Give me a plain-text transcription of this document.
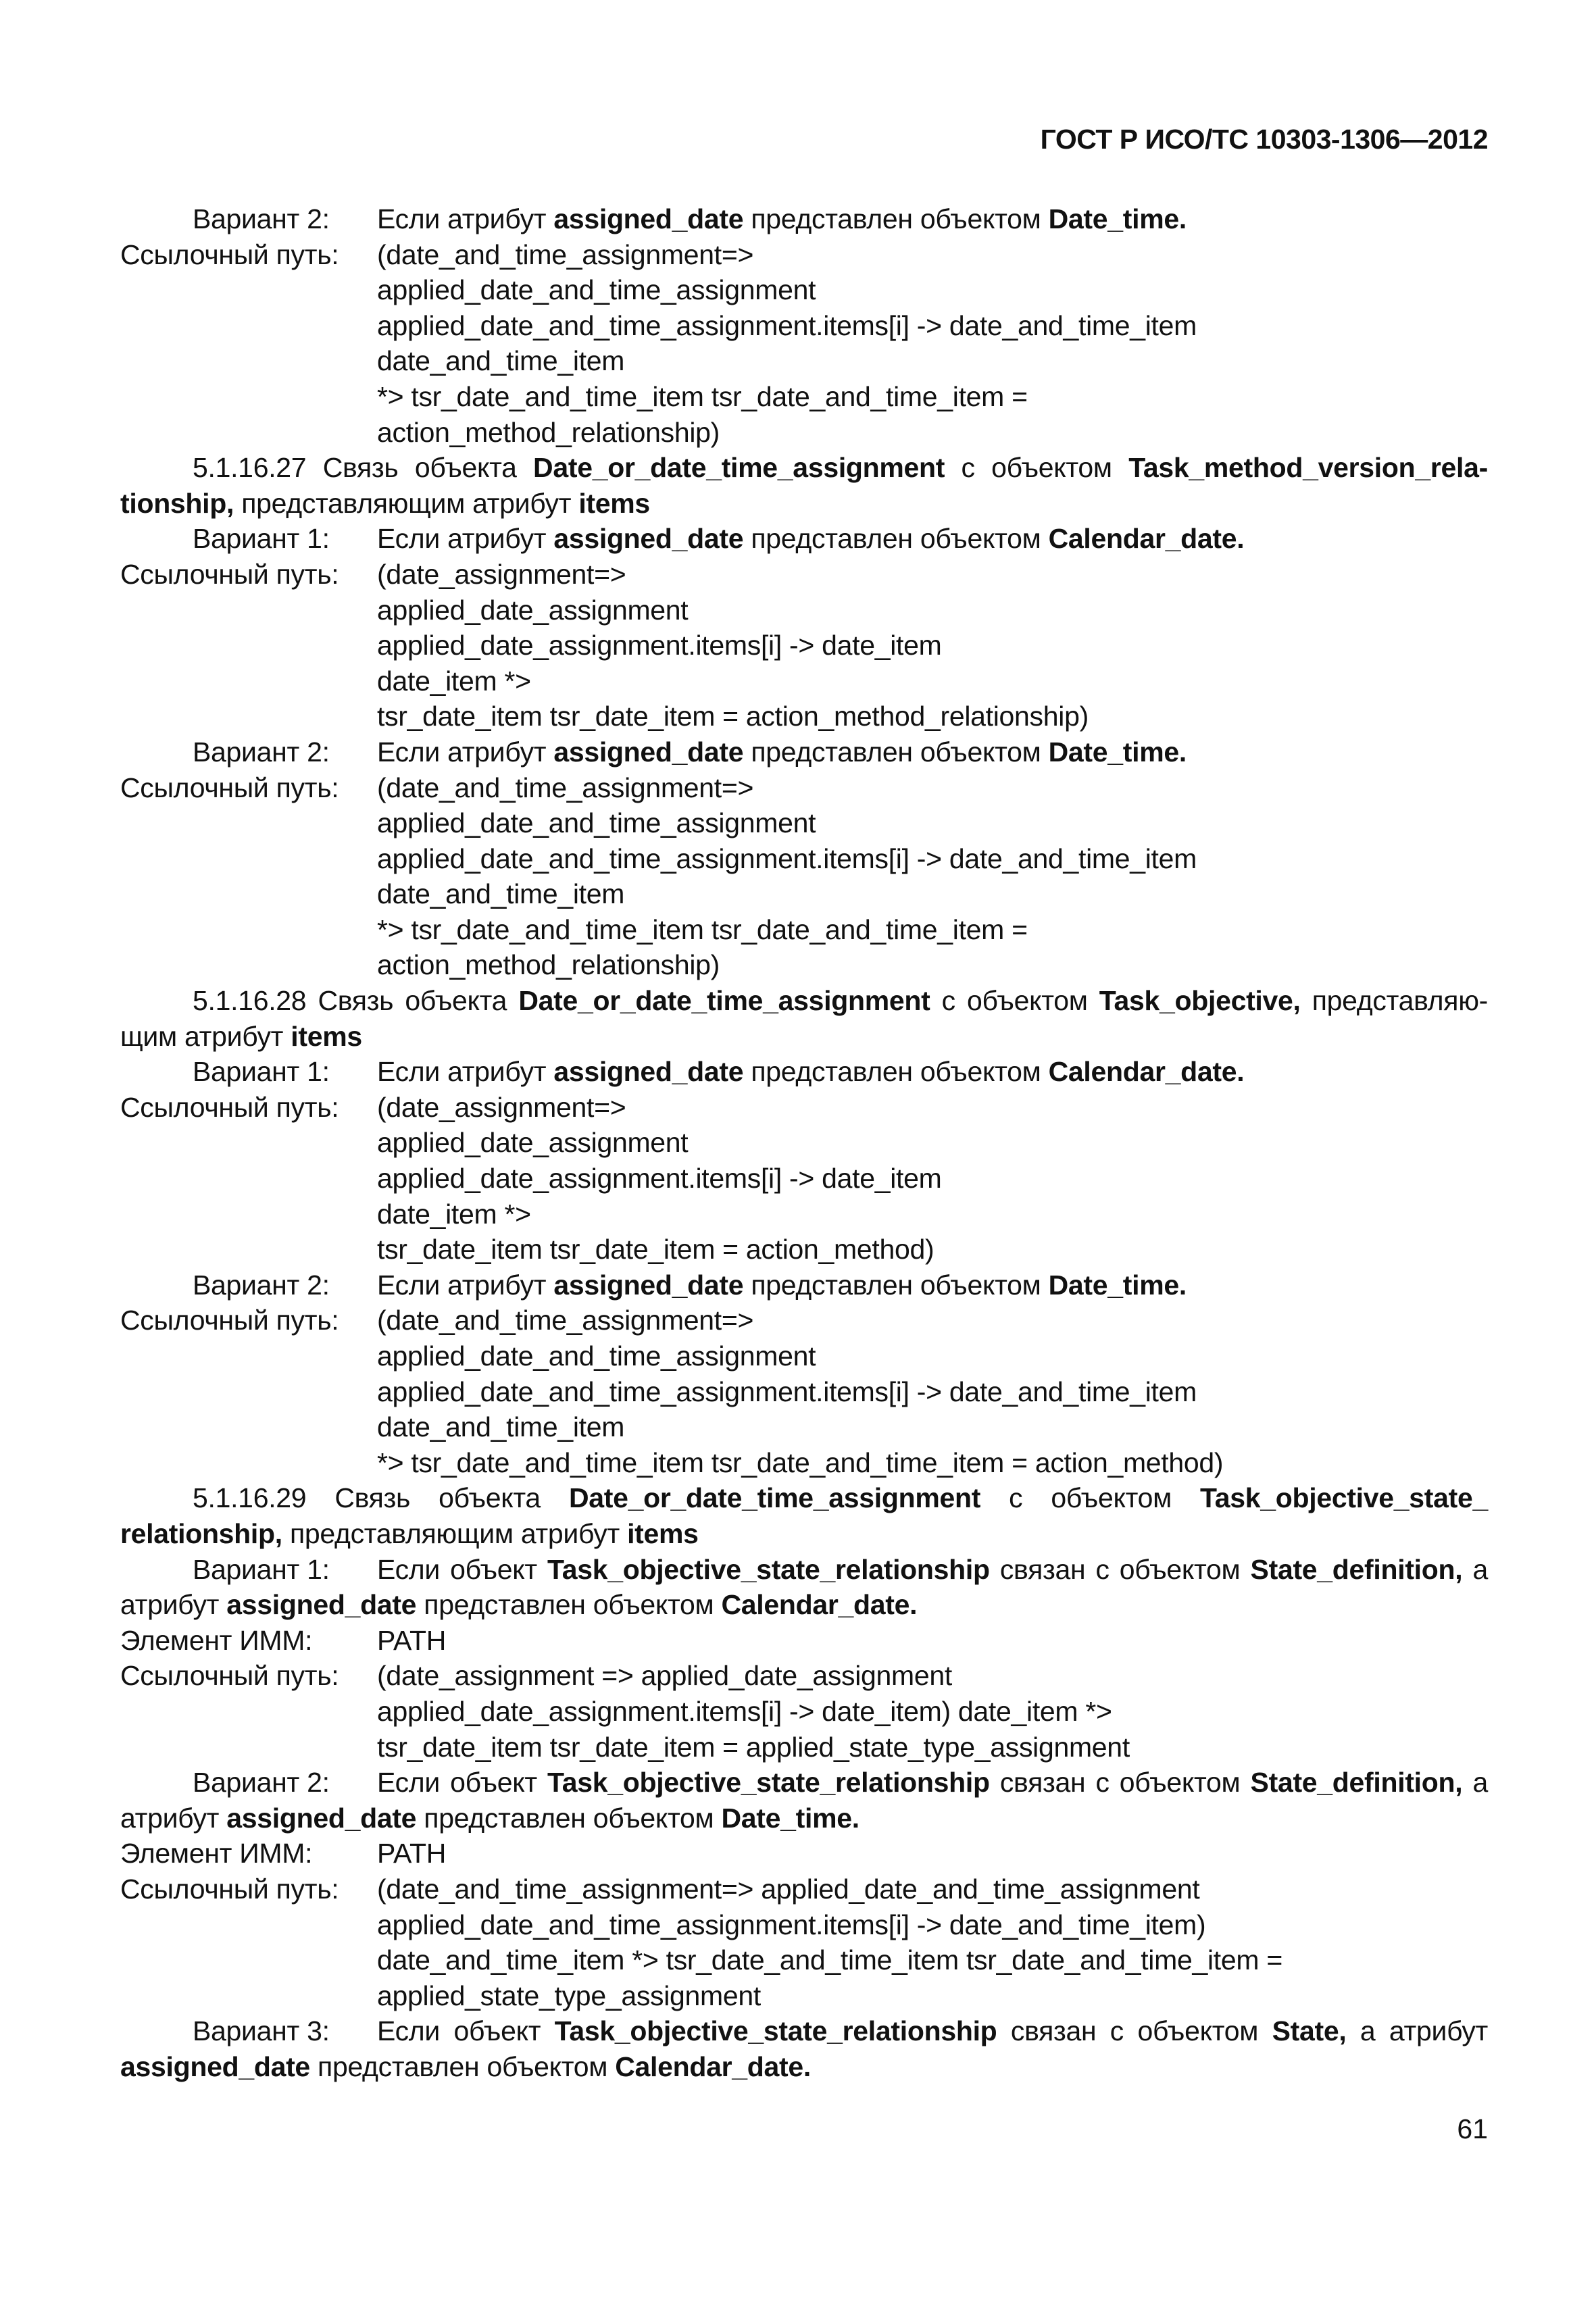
ГОСТ Р ИСО/ТС 10303-1306—2012
Вариант 2:	Если атрибут assigned_date представлен объектом Date_time.
Ссылочный путь:	(date_and_time_assignment=>
applied_date_and_time_assignment
applied_date_and_time_assignment.items[i] -> date_and_time_item
date_and_time_item
*> tsr_date_and_time_item tsr_date_and_time_item =
action_method_relationship)
5.1.16.27 Связь объекта Date_or_date_time_assignment с объектом Task_method_version_rela-
tionship, представляющим атрибут items
Вариант 1:	Если атрибут assigned_date представлен объектом Calendar_date.
Ссылочный путь:	(date_assignment=>
applied_date_assignment
applied_date_assignment.items[i] -> date_item
date_item *>
tsr_date_item tsr_date_item = action_method_relationship)
Вариант 2:	Если атрибут assigned_date представлен объектом Date_time.
Ссылочный путь:	(date_and_time_assignment=>
applied_date_and_time_assignment
applied_date_and_time_assignment.items[i] -> date_and_time_item
date_and_time_item
*> tsr_date_and_time_item tsr_date_and_time_item =
action_method_relationship)
5.1.16.28 Связь объекта Date_or_date_time_assignment с объектом Task_objective, представляю-
щим атрибут items
Вариант 1:	Если атрибут assigned_date представлен объектом Calendar_date.
Ссылочный путь:	(date_assignment=>
applied_date_assignment
applied_date_assignment.items[i] -> date_item
date_item *>
tsr_date_item tsr_date_item = action_method)
Вариант 2:	Если атрибут assigned_date представлен объектом Date_time.
Ссылочный путь:	(date_and_time_assignment=>
applied_date_and_time_assignment
applied_date_and_time_assignment.items[i] -> date_and_time_item
date_and_time_item
*> tsr_date_and_time_item tsr_date_and_time_item = action_method)
5.1.16.29 Связь объекта Date_or_date_time_assignment с объектом Task_objective_state_
relationship, представляющим атрибут items
Вариант 1:	Если объект Task_objective_state_relationship связан с объектом State_definition, а
атрибут assigned_date представлен объектом Calendar_date.
Элемент ИММ:	PATH
Ссылочный путь:	(date_assignment => applied_date_assignment
applied_date_assignment.items[i] -> date_item) date_item *>
tsr_date_item tsr_date_item = applied_state_type_assignment
Вариант 2:	Если объект Task_objective_state_relationship связан с объектом State_definition, а
атрибут assigned_date представлен объектом Date_time.
Элемент ИММ:	PATH
Ссылочный путь:	(date_and_time_assignment=> applied_date_and_time_assignment
applied_date_and_time_assignment.items[i] -> date_and_time_item)
date_and_time_item *> tsr_date_and_time_item tsr_date_and_time_item =
applied_state_type_assignment
Вариант 3:	Если объект Task_objective_state_relationship связан с объектом State, а атрибут
assigned_date представлен объектом Calendar_date.
61
